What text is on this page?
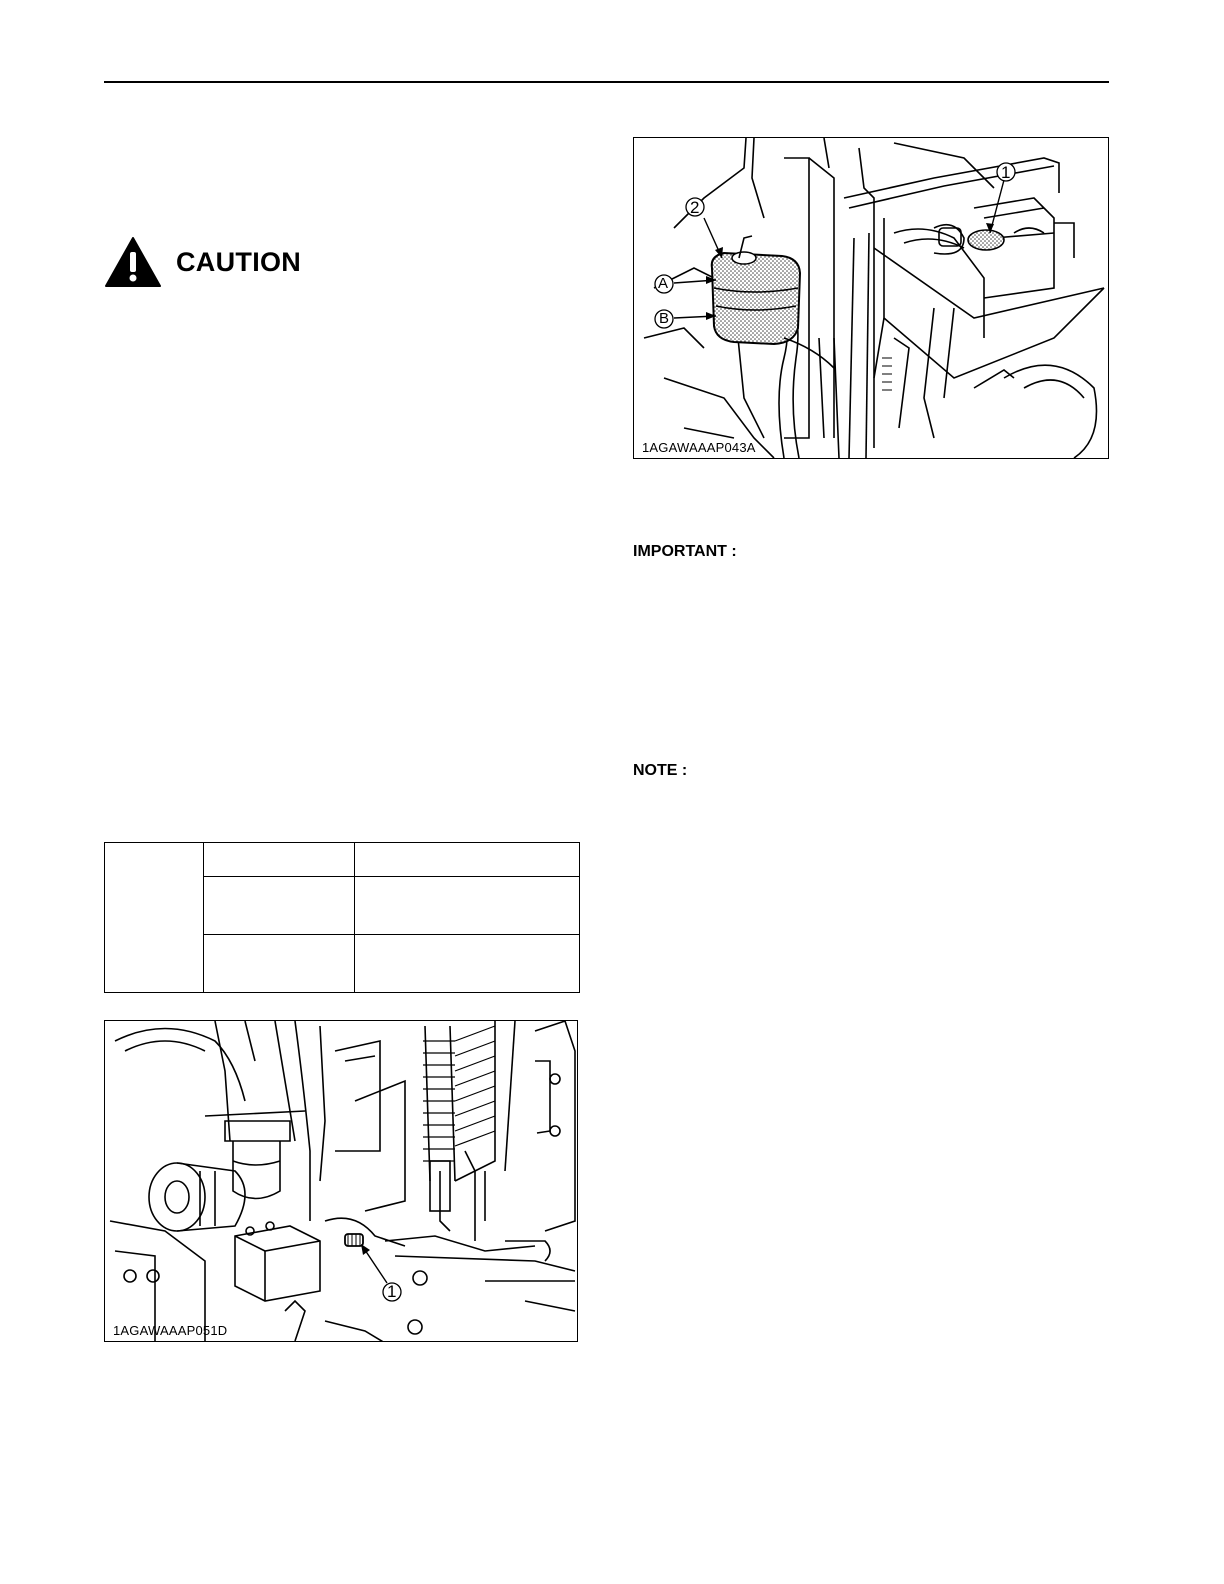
CAUTION

1
2
A
B
1AGAWAAAP043A
IMPORTANT :
NOTE :
1
1AGAWAAAP051D
